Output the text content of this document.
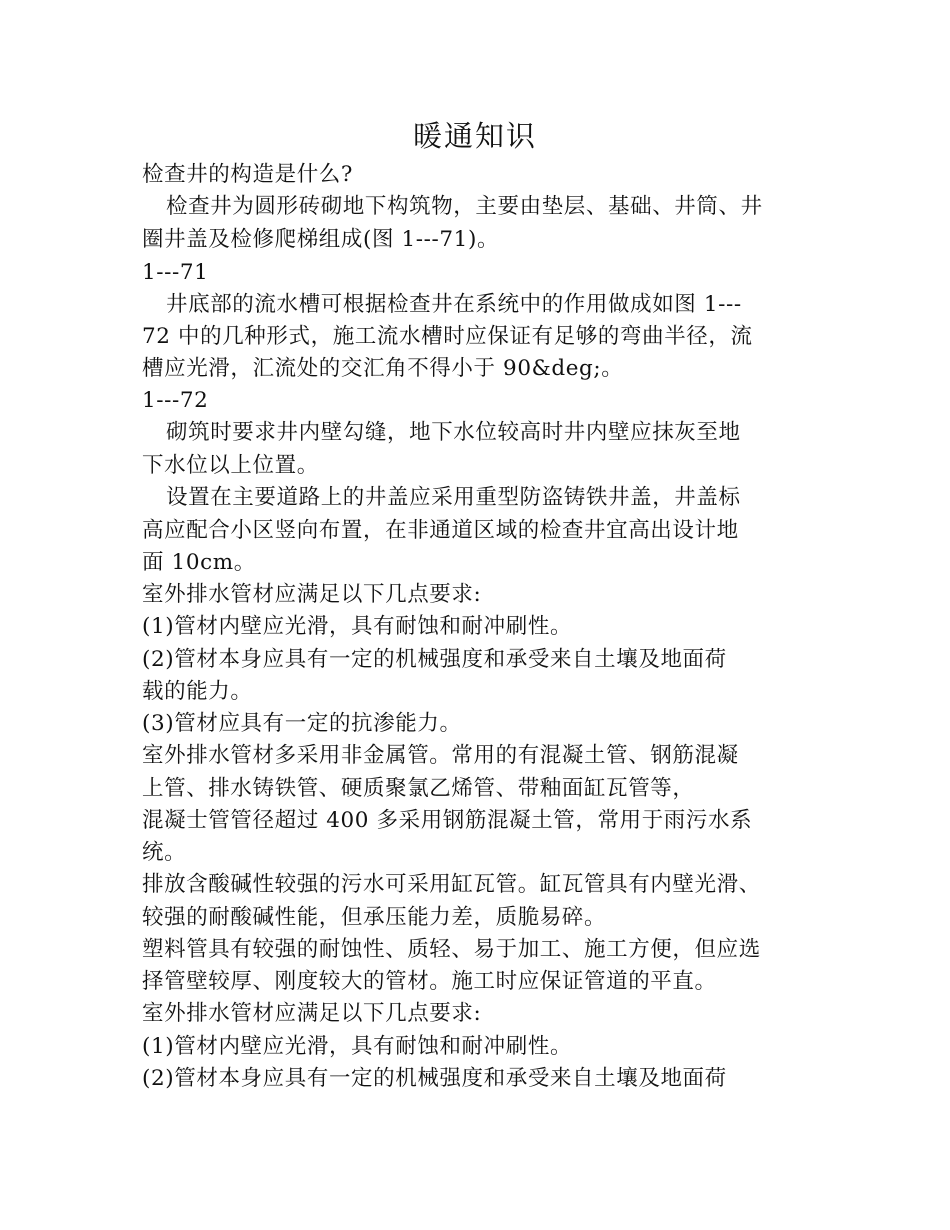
暖通知识
检查井的构造是什么?
检查井为圆形砖砌地下构筑物，主要由垫层、基础、井筒、井
圈井盖及检修爬梯组成(图 1---71)。
1---71
井底部的流水槽可根据检查井在系统中的作用做成如图 1---
72 中的几种形式，施工流水槽时应保证有足够的弯曲半径，流
槽应光滑，汇流处的交汇角不得小于 90&deg;。
1---72
砌筑时要求井内壁勾缝，地下水位较高时井内壁应抹灰至地
下水位以上位置。
设置在主要道路上的井盖应采用重型防盗铸铁井盖，井盖标
高应配合小区竖向布置，在非通道区域的检查井宜高出设计地
面 10cm。
室外排水管材应满足以下几点要求:
(1)管材内壁应光滑，具有耐蚀和耐冲刷性。
(2)管材本身应具有一定的机械强度和承受来自土壤及地面荷
载的能力。
(3)管材应具有一定的抗渗能力。
室外排水管材多采用非金属管。常用的有混凝土管、钢筋混凝
上管、排水铸铁管、硬质聚氯乙烯管、带釉面缸瓦管等，
混凝士管管径超过 400 多采用钢筋混凝土管，常用于雨污水系
统。
排放含酸碱性较强的污水可采用缸瓦管。缸瓦管具有内壁光滑、
较强的耐酸碱性能，但承压能力差，质脆易碎。
塑料管具有较强的耐蚀性、质轻、易于加工、施工方便，但应选
择管壁较厚、刚度较大的管材。施工时应保证管道的平直。
室外排水管材应满足以下几点要求:
(1)管材内壁应光滑，具有耐蚀和耐冲刷性。
(2)管材本身应具有一定的机械强度和承受来自土壤及地面荷
